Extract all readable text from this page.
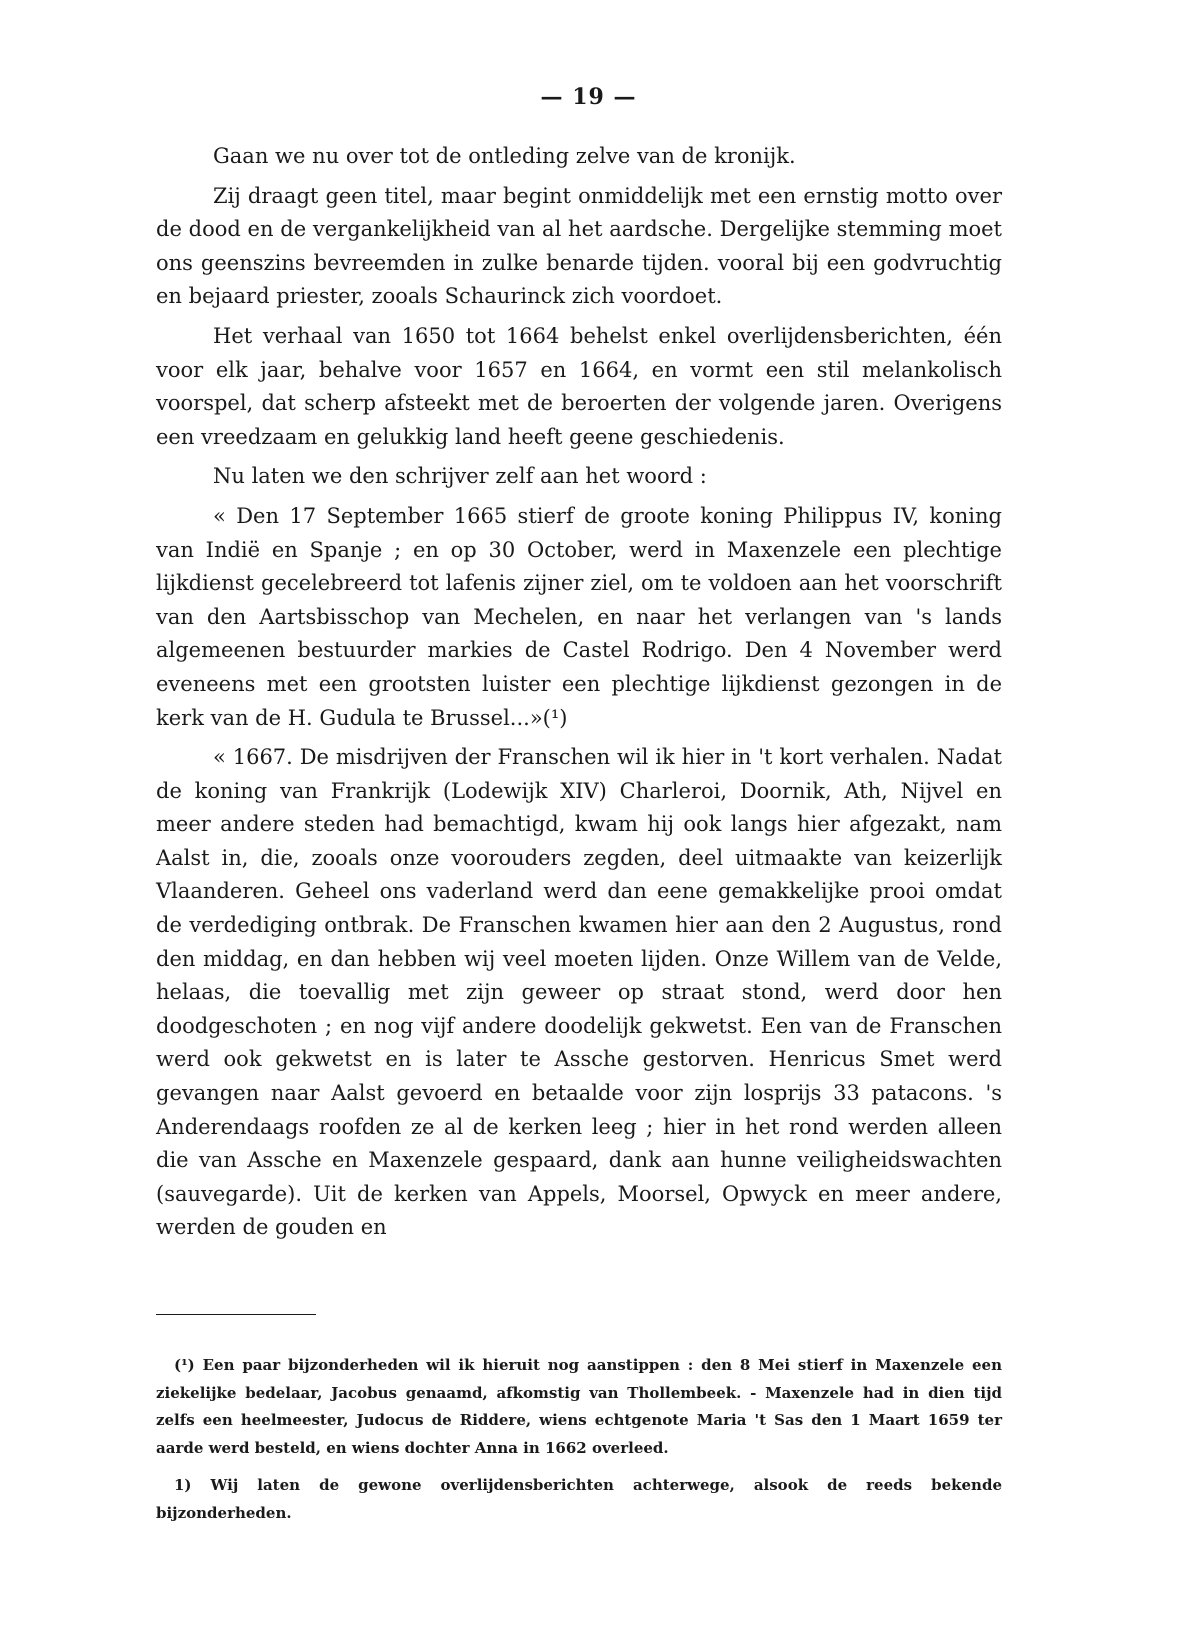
— 19 —

Gaan we nu over tot de ontleding zelve van de kronijk.

Zij draagt geen titel, maar begint onmiddelijk met een ernstig motto over de dood en de vergankelijkheid van al het aardsche. Dergelijke stemming moet ons geenszins bevreemden in zulke benarde tijden. vooral bij een godvruchtig en bejaard priester, zooals Schaurinck zich voordoet.

Het verhaal van 1650 tot 1664 behelst enkel overlijdensberichten, één voor elk jaar, behalve voor 1657 en 1664, en vormt een stil melankolisch voorspel, dat scherp afsteekt met de beroerten der volgende jaren. Overigens een vreedzaam en gelukkig land heeft geene geschiedenis.

Nu laten we den schrijver zelf aan het woord :

« Den 17 September 1665 stierf de groote koning Philippus IV, koning van Indië en Spanje ; en op 30 October, werd in Maxenzele een plechtige lijkdienst gecelebreerd tot lafenis zijner ziel, om te voldoen aan het voorschrift van den Aartsbisschop van Mechelen, en naar het verlangen van 's lands algemeenen bestuurder markies de Castel Rodrigo. Den 4 November werd eveneens met een grootsten luister een plechtige lijkdienst gezongen in de kerk van de H. Gudula te Brussel...»(¹)

« 1667. De misdrijven der Franschen wil ik hier in 't kort verhalen. Nadat de koning van Frankrijk (Lodewijk XIV) Charleroi, Doornik, Ath, Nijvel en meer andere steden had bemachtigd, kwam hij ook langs hier afgezakt, nam Aalst in, die, zooals onze voorouders zegden, deel uitmaakte van keizerlijk Vlaanderen. Geheel ons vaderland werd dan eene gemakkelijke prooi omdat de verdediging ontbrak. De Franschen kwamen hier aan den 2 Augustus, rond den middag, en dan hebben wij veel moeten lijden. Onze Willem van de Velde, helaas, die toevallig met zijn geweer op straat stond, werd door hen doodgeschoten ; en nog vijf andere doodelijk gekwetst. Een van de Franschen werd ook gekwetst en is later te Assche gestorven. Henricus Smet werd gevangen naar Aalst gevoerd en betaalde voor zijn losprijs 33 patacons. 's Anderendaags roofden ze al de kerken leeg ; hier in het rond werden alleen die van Assche en Maxenzele gespaard, dank aan hunne veiligheidswachten (sauvegarde). Uit de kerken van Appels, Moorsel, Opwyck en meer andere, werden de gouden en

(¹) Een paar bijzonderheden wil ik hieruit nog aanstippen : den 8 Mei stierf in Maxenzele een ziekelijke bedelaar, Jacobus genaamd, afkomstig van Thollembeek. - Maxenzele had in dien tijd zelfs een heelmeester, Judocus de Riddere, wiens echtgenote Maria 't Sas den 1 Maart 1659 ter aarde werd besteld, en wiens dochter Anna in 1662 overleed.

1) Wij laten de gewone overlijdensberichten achterwege, alsook de reeds bekende bijzonderheden.
